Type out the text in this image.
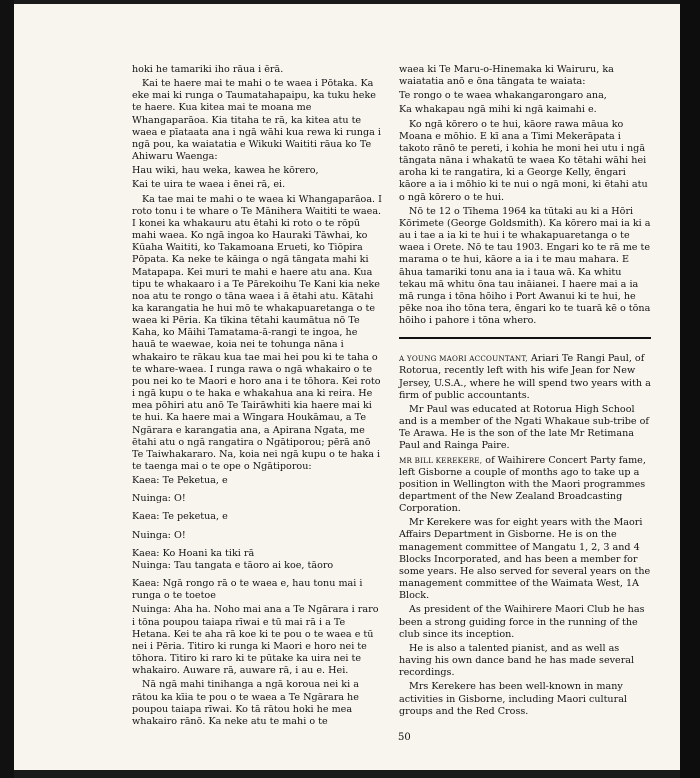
hoki he tamariki iho rāua i ērā.

Kai te haere mai te mahi o te waea i Pōtaka. Ka eke mai ki runga o Taumatahapaipu, ka tuku heke te haere. Kua kitea mai te moana me Whangaparāoa. Kia titaha te rā, ka kitea atu te waea e pīataata ana i ngā wāhi kua rewa ki runga i ngā pou, ka waiatatia e Wikuki Waititi rāua ko Te Ahiwaru Waenga:

Hau wiki, hau weka, kawea he kōrero,

Kai te uira te waea i ēnei rā, ei.

Ka tae mai te mahi o te waea ki Whangaparāoa. I roto tonu i te whare o Te Mānihera Waititi te waea. I konei ka whakauru atu ētahi ki roto o te rōpū mahi waea. Ko ngā ingoa ko Hauraki Tāwhai, ko Kūaha Waititi, ko Takamoana Erueti, ko Tiōpira Pōpata. Ka neke te kāinga o ngā tāngata mahi ki Matapapa. Kei muri te mahi e haere atu ana. Kua tipu te whakaaro i a Te Pārekoihu Te Kani kia neke noa atu te rongo o tāna waea i ā ētahi atu. Kātahi ka karangatia he hui mō te whakapuaretanga o te waea ki Pēria. Ka tīkina tētahi kaumātua nō Te Kaha, ko Māihi Tamatama-ā-rangi te ingoa, he hauā te waewae, koia nei te tohunga nāna i whakairo te rākau kua tae mai hei pou ki te taha o te whare-waea. I runga rawa o ngā whakairo o te pou nei ko te Maori e horo ana i te tōhora. Kei roto i ngā kupu o te haka e whakahua ana ki reira. He mea pōhiri atu anō Te Tairāwhiti kia haere mai ki te hui. Ka haere mai a Wīngara Houkāmau, a Te Ngārara e karangatia ana, a Apirana Ngata, me ētahi atu o ngā rangatira o Ngātiporou; pērā anō Te Taiwhakararo. Na, koia nei ngā kupu o te haka i te taenga mai o te ope o Ngātiporou:

Kaea: Te Peketua, e

Nuinga: O!

Kaea: Te peketua, e

Nuinga: O!

Kaea: Ko Hoani ka tiki rā

Nuinga: Tau tangata e tāoro ai koe, tāoro

Kaea: Ngā rongo rā o te waea e, hau tonu mai i runga o te toetoe

Nuinga: Aha ha. Noho mai ana a Te Ngārara i raro i tōna poupou taiapa rīwai e tū mai rā i a Te Hetana. Kei te aha rā koe ki te pou o te waea e tū nei i Pēria. Titiro ki runga ki Maori e horo nei te tōhora. Titiro ki raro ki te pūtake ka uira nei te whakairo. Auware rā, auware rā, i au e. Hei.

Nā ngā mahi tinihanga a ngā koroua nei ki a rātou ka kīia te pou o te waea a Te Ngārara he poupou taiapa rīwai. Ko tā rātou hoki he mea whakairo rānō. Ka neke atu te mahi o te

waea ki Te Maru-o-Hinemaka ki Wairuru, ka waiatatia anō e ōna tāngata te waiata:

Te rongo o te waea whakangarongaro ana,

Ka whakapau ngā mihi ki ngā kaimahi e.

Ko ngā kōrero o te hui, kāore rawa māua ko Moana e mōhio. E kī ana a Timi Mekerāpata i takoto rānō te pereti, i kohia he moni hei utu i ngā tāngata nāna i whakatū te waea Ko tētahi wāhi hei aroha ki te rangatira, ki a George Kelly, ēngari kāore a ia i mōhio ki te nui o ngā moni, ki ētahi atu o ngā kōrero o te hui.

Nō te 12 o Tīhema 1964 ka tūtaki au ki a Hōri Kōrimete (George Goldsmith). Ka kōrero mai ia ki a au i tae a ia ki te hui i te whakapuaretanga o te waea i Orete. Nō te tau 1903. Engari ko te rā me te marama o te hui, kāore a ia i te mau mahara. E āhua tamariki tonu ana ia i taua wā. Ka whitu tekau mā whitu ōna tau ināianei. I haere mai a ia mā runga i tōna hōiho i Port Awanui ki te hui, he pēke noa iho tōna tera, ēngari ko te tuarā kē o tōna hōiho i pahore i tōna whero.

A YOUNG MAORI ACCOUNTANT, Ariari Te Rangi Paul, of Rotorua, recently left with his wife Jean for New Jersey, U.S.A., where he will spend two years with a firm of public accountants.

Mr Paul was educated at Rotorua High School and is a member of the Ngati Whakaue sub-tribe of Te Arawa. He is the son of the late Mr Retimana Paul and Rainga Paire.

MR BILL KEREKERE, of Waihirere Concert Party fame, left Gisborne a couple of months ago to take up a position in Wellington with the Maori programmes department of the New Zealand Broadcasting Corporation.

Mr Kerekere was for eight years with the Maori Affairs Department in Gisborne. He is on the management committee of Mangatu 1, 2, 3 and 4 Blocks Incorporated, and has been a member for some years. He also served for several years on the management committee of the Waimata West, 1A Block.

As president of the Waihirere Maori Club he has been a strong guiding force in the running of the club since its inception.

He is also a talented pianist, and as well as having his own dance band he has made several recordings.

Mrs Kerekere has been well-known in many activities in Gisborne, including Maori cultural groups and the Red Cross.

50
